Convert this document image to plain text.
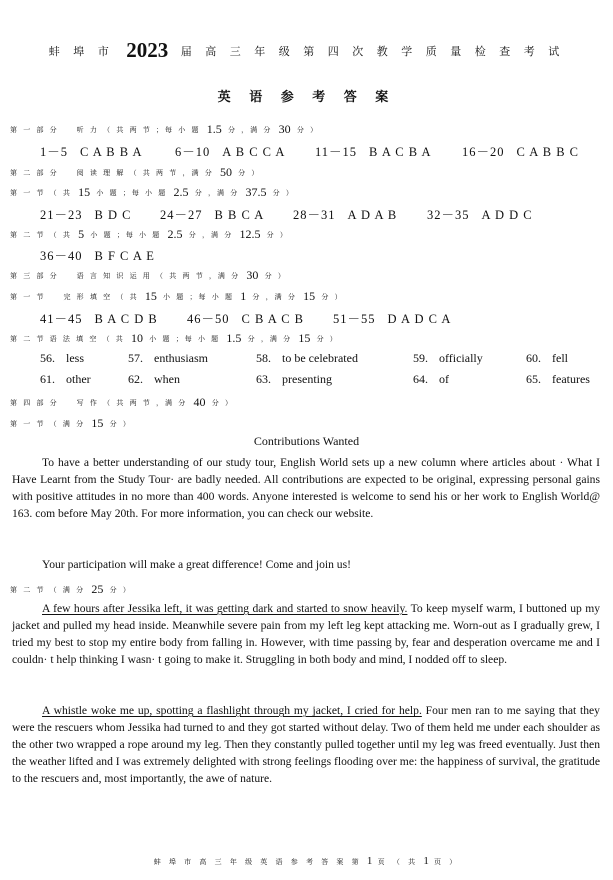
蚌 埠 市 2023 届 高 三 年 级 第 四 次 教 学 质 量 检 查 考 试
英 语 参 考 答 案
第 一 部 分　　听 力 （ 共 两 节 ；每 小 题 1.5 分 ，满 分 30 分 ）
1－5 C A B B A	6－10 A B C C A 11－15 B A C B A 16－20 C A B B C
第 二 部 分　　阅 读 理 解 （ 共 两 节 ，满 分 50 分 ）
第 一 节 （ 共 15 小 题 ；每 小 题 2.5 分 ，满 分 37.5 分 ）
21－23 B D C 24－27 B B C A 28－31 A D A B 32－35 A D D C
第 二 节 （ 共 5 小 题 ；每 小 题 2.5 分 ，满 分 12.5 分 ）
36－40 B F C A E
第 三 部 分　　语 言 知 识 运 用 （ 共 两 节 ，满 分 30 分 ）
第 一 节　　完 形 填 空 （ 共 15 小 题 ；每 小 题 1 分 ，满 分 15 分 ）
41－45 B A C D B 46－50 C B A C B 51－55 D A D C A
第 二 节 语 法 填 空 （ 共 10 小 题 ；每 小 题 1.5 分 ，满 分 15 分 ）
56. less	57. enthusiasm	58. to be celebrated	59. officially	60. fell
61. other	62. when	63. presenting	64. of	65. features
第 四 部 分　　写 作 （ 共 两 节 ，满 分 40 分 ）
第 一 节 （ 满 分 15 分 ）
Contributions Wanted
To have a better understanding of our study tour, English World sets up a new column where articles about · What I Have Learnt from the Study Tour· are badly needed. All contributions are expected to be original, expressing personal gains with positive attitudes in no more than 400 words. Anyone interested is welcome to send his or her work to English World@ 163. com before May 20th. For more information, you can check our website.
Your participation will make a great difference! Come and join us!
第 二 节 （ 满 分 25 分 ）
A few hours after Jessika left, it was getting dark and started to snow heavily. To keep myself warm, I buttoned up my jacket and pulled my head inside. Meanwhile severe pain from my left leg kept attacking me. Worn-out as I gradually grew, I tried my best to stop my entire body from falling in. However, with time passing by, fear and desperation overcame me and I couldn· t help thinking I wasn· t going to make it. Struggling in both body and mind, I nodded off to sleep.
A whistle woke me up, spotting a flashlight through my jacket, I cried for help. Four men ran to me saying that they were the rescuers whom Jessika had turned to and they got started without delay. Two of them held me under each shoulder as the other two wrapped a rope around my leg. Then they constantly pulled together until my leg was freed eventually. Just then the weather lifted and I was extremely delighted with strong feelings flooding over me: the happiness of survival, the gratitude to the rescuers and, most importantly, the awe of nature.
蚌 埠 市 高 三 年 级 英 语 参 考 答 案 第 1 页 （ 共 1 页 ）
